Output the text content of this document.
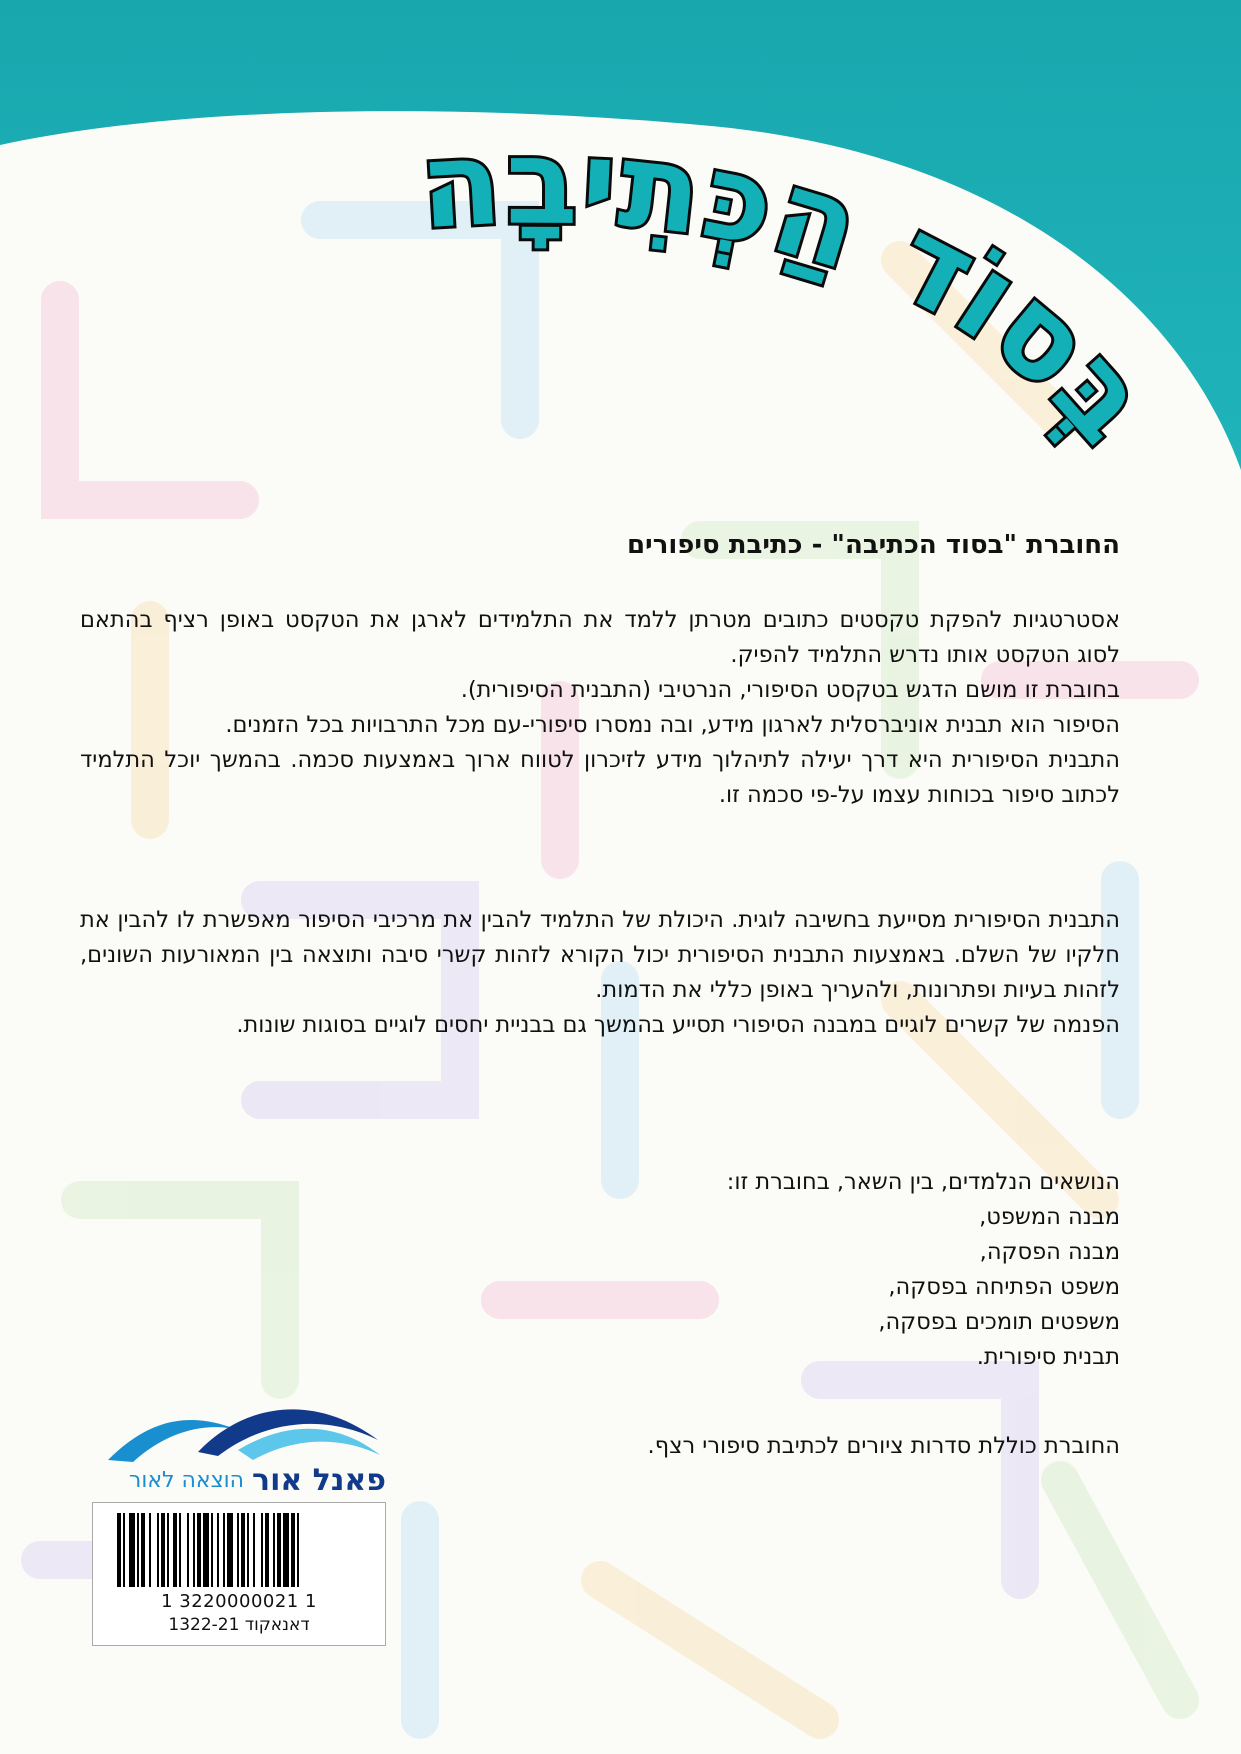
בְּסוֹד הַכְּתִיבָה
החוברת "בסוד הכתיבה" - כתיבת סיפורים

אסטרטגיות להפקת טקסטים כתובים מטרתן ללמד את התלמידים לארגן את הטקסט באופן רציף בהתאם לסוג הטקסט אותו נדרש התלמיד להפיק.

בחוברת זו מושם הדגש בטקסט הסיפורי, הנרטיבי (התבנית הסיפורית).

הסיפור הוא תבנית אוניברסלית לארגון מידע, ובה נמסרו סיפורי-עם מכל התרבויות בכל הזמנים.

התבנית הסיפורית היא דרך יעילה לתיהלוך מידע לזיכרון לטווח ארוך באמצעות סכמה. בהמשך יוכל התלמיד לכתוב סיפור בכוחות עצמו על-פי סכמה זו.

התבנית הסיפורית מסייעת בחשיבה לוגית. היכולת של התלמיד להבין את מרכיבי הסיפור מאפשרת לו להבין את חלקיו של השלם. באמצעות התבנית הסיפורית יכול הקורא לזהות קשרי סיבה ותוצאה בין המאורעות השונים, לזהות בעיות ופתרונות, ולהעריך באופן כללי את הדמות.

הפנמה של קשרים לוגיים במבנה הסיפורי תסייע בהמשך גם בבניית יחסים לוגיים בסוגות שונות.

הנושאים הנלמדים, בין השאר, בחוברת זו:
מבנה המשפט,
מבנה הפסקה,
משפט הפתיחה בפסקה,
משפטים תומכים בפסקה,
תבנית סיפורית.
החוברת כוללת סדרות ציורים לכתיבת סיפורי רצף.
פאנל אור
הוצאה לאור
1 3220000021 1
דאנאקוד 1322-21
